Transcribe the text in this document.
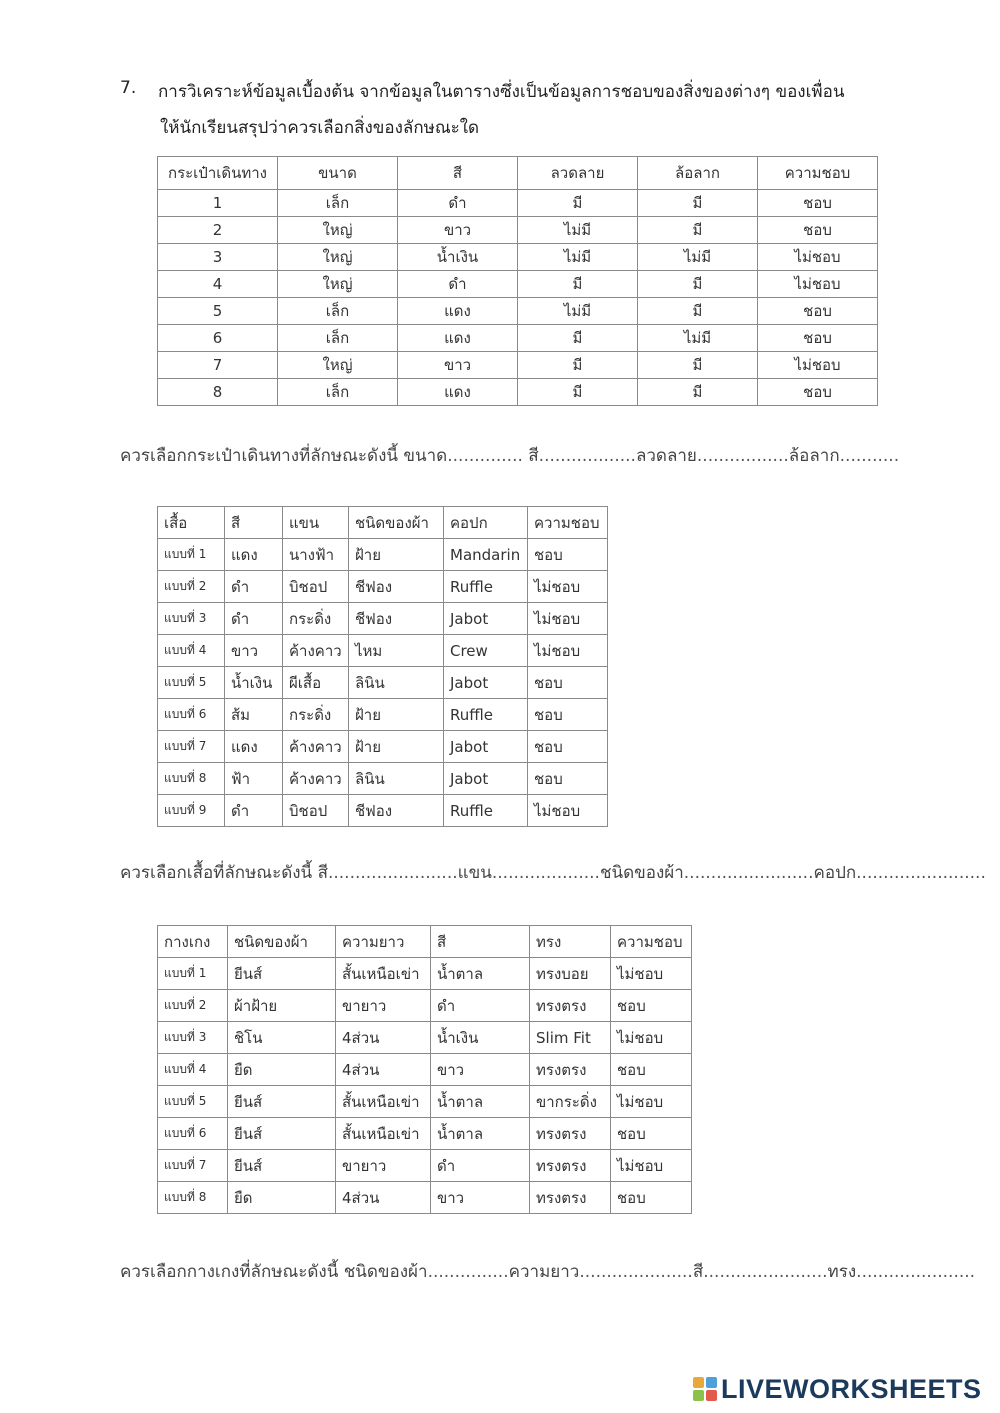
7. การวิเคราะห์ข้อมูลเบื้องต้น จากข้อมูลในตารางซึ่งเป็นข้อมูลการชอบของสิ่งของต่างๆ ของเพื่อน
ให้นักเรียนสรุปว่าควรเลือกสิ่งของลักษณะใด
กระเป๋าเดินทาง	ขนาด	สี	ลวดลาย	ล้อลาก	ความชอบ
1	เล็ก	ดำ	มี	มี	ชอบ
2	ใหญ่	ขาว	ไม่มี	มี	ชอบ
3	ใหญ่	น้ำเงิน	ไม่มี	ไม่มี	ไม่ชอบ
4	ใหญ่	ดำ	มี	มี	ไม่ชอบ
5	เล็ก	แดง	ไม่มี	มี	ชอบ
6	เล็ก	แดง	มี	ไม่มี	ชอบ
7	ใหญ่	ขาว	มี	มี	ไม่ชอบ
8	เล็ก	แดง	มี	มี	ชอบ
ควรเลือกกระเป๋าเดินทางที่ลักษณะดังนี้ ขนาด.............. สี..................ลวดลาย.................ล้อลาก...........
เสื้อ	สี	แขน	ชนิดของผ้า	คอปก	ความชอบ
แบบที่ 1	แดง	นางฟ้า	ฝ้าย	Mandarin	ชอบ
แบบที่ 2	ดำ	บิชอป	ชีฟอง	Ruffle	ไม่ชอบ
แบบที่ 3	ดำ	กระดิ่ง	ชีฟอง	Jabot	ไม่ชอบ
แบบที่ 4	ขาว	ค้างคาว	ไหม	Crew	ไม่ชอบ
แบบที่ 5	น้ำเงิน	ผีเสื้อ	ลินิน	Jabot	ชอบ
แบบที่ 6	ส้ม	กระดิ่ง	ฝ้าย	Ruffle	ชอบ
แบบที่ 7	แดง	ค้างคาว	ฝ้าย	Jabot	ชอบ
แบบที่ 8	ฟ้า	ค้างคาว	ลินิน	Jabot	ชอบ
แบบที่ 9	ดำ	บิชอป	ชีฟอง	Ruffle	ไม่ชอบ
ควรเลือกเสื้อที่ลักษณะดังนี้ สี........................แขน....................ชนิดของผ้า........................คอปก........................
กางเกง	ชนิดของผ้า	ความยาว	สี	ทรง	ความชอบ
แบบที่ 1	ยีนส์	สั้นเหนือเข่า	น้ำตาล	ทรงบอย	ไม่ชอบ
แบบที่ 2	ผ้าฝ้าย	ขายาว	ดำ	ทรงตรง	ชอบ
แบบที่ 3	ชิโน	4ส่วน	น้ำเงิน	Slim Fit	ไม่ชอบ
แบบที่ 4	ยืด	4ส่วน	ขาว	ทรงตรง	ชอบ
แบบที่ 5	ยีนส์	สั้นเหนือเข่า	น้ำตาล	ขากระดิ่ง	ไม่ชอบ
แบบที่ 6	ยีนส์	สั้นเหนือเข่า	น้ำตาล	ทรงตรง	ชอบ
แบบที่ 7	ยีนส์	ขายาว	ดำ	ทรงตรง	ไม่ชอบ
แบบที่ 8	ยืด	4ส่วน	ขาว	ทรงตรง	ชอบ
ควรเลือกกางเกงที่ลักษณะดังนี้ ชนิดของผ้า...............ความยาว.....................สี.......................ทรง......................
LIVEWORKSHEETS
